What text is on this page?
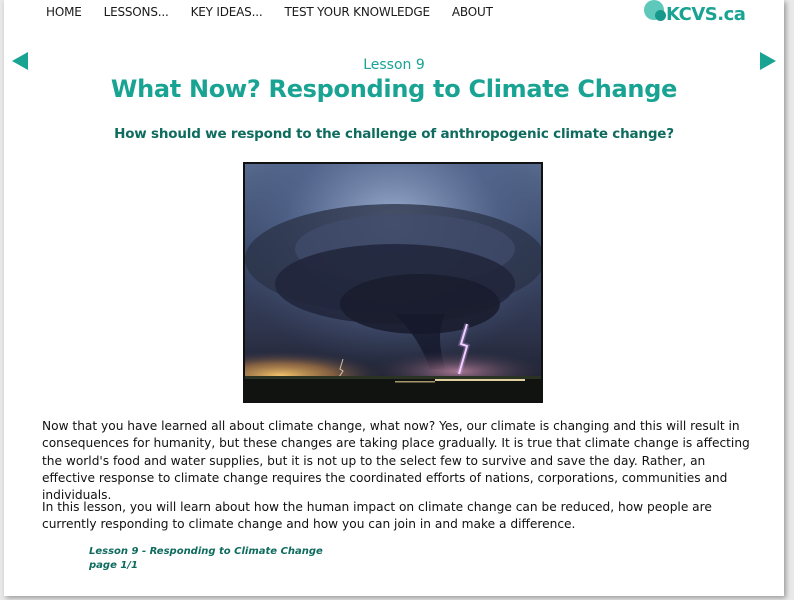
HOME LESSONS... KEY IDEAS... TEST YOUR KNOWLEDGE ABOUT	KCVS.ca
Lesson 9
What Now? Responding to Climate Change
How should we respond to the challenge of anthropogenic climate change?

Now that you have learned all about climate change, what now? Yes, our climate is changing and this will result in consequences for humanity, but these changes are taking place gradually. It is true that climate change is affecting the world's food and water supplies, but it is not up to the select few to survive and save the day. Rather, an effective response to climate change requires the coordinated efforts of nations, corporations, communities and individuals.

In this lesson, you will learn about how the human impact on climate change can be reduced, how people are currently responding to climate change and how you can join in and make a difference.

Lesson 9 - Responding to Climate Change
page 1/1
